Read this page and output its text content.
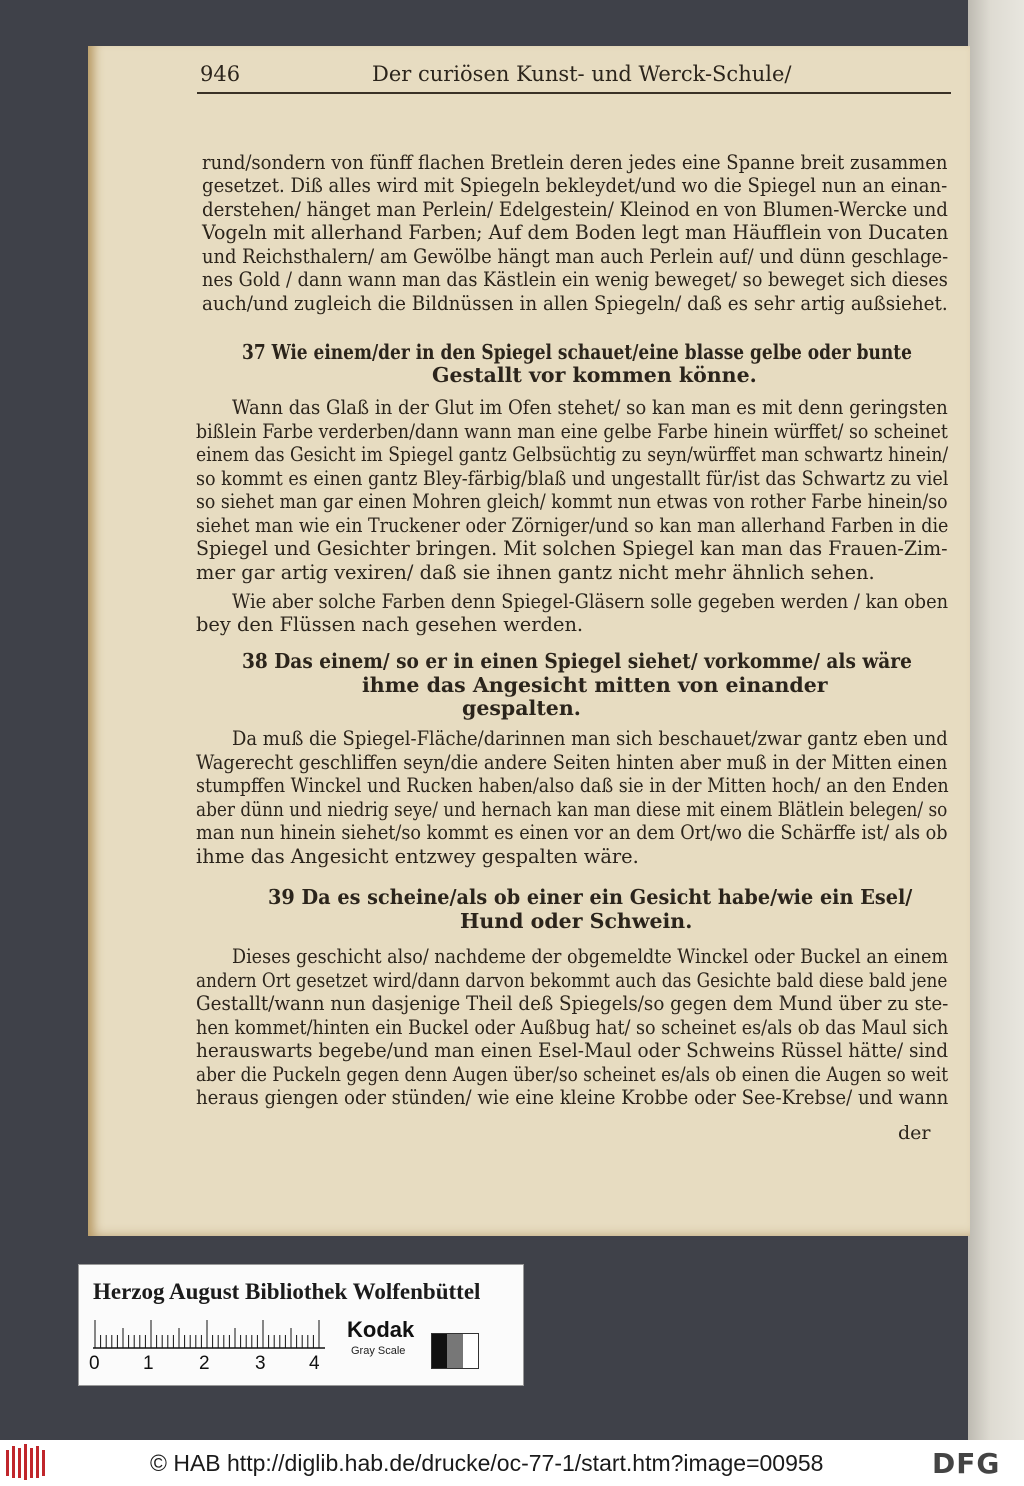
946	Der curiösen Kunst- und Werck-Schule/
rund/sondern von fünff flachen Bretlein deren jedes eine Spanne breit zusammen
gesetzet. Diß alles wird mit Spiegeln bekleydet/und wo die Spiegel nun an einan-
derstehen/ hänget man Perlein/ Edelgestein/ Kleinod en von Blumen-Wercke und
Vogeln mit allerhand Farben; Auf dem Boden legt man Häufflein von Ducaten
und Reichsthalern/ am Gewölbe hängt man auch Perlein auf/ und dünn geschlage-
nes Gold / dann wann man das Kästlein ein wenig beweget/ so beweget sich dieses
auch/und zugleich die Bildnüssen in allen Spiegeln/ daß es sehr artig außsiehet.
37 Wie einem/der in den Spiegel schauet/eine blasse gelbe oder bunte
Gestallt vor kommen könne.
Wann das Glaß in der Glut im Ofen stehet/ so kan man es mit denn geringsten
bißlein Farbe verderben/dann wann man eine gelbe Farbe hinein würffet/ so scheinet
einem das Gesicht im Spiegel gantz Gelbsüchtig zu seyn/würffet man schwartz hinein/
so kommt es einen gantz Bley-färbig/blaß und ungestallt für/ist das Schwartz zu viel
so siehet man gar einen Mohren gleich/ kommt nun etwas von rother Farbe hinein/so
siehet man wie ein Truckener oder Zörniger/und so kan man allerhand Farben in die
Spiegel und Gesichter bringen. Mit solchen Spiegel kan man das Frauen-Zim-
mer gar artig vexiren/ daß sie ihnen gantz nicht mehr ähnlich sehen.
Wie aber solche Farben denn Spiegel-Gläsern solle gegeben werden / kan oben
bey den Flüssen nach gesehen werden.
38 Das einem/ so er in einen Spiegel siehet/ vorkomme/ als wäre
ihme das Angesicht mitten von einander
gespalten.
Da muß die Spiegel-Fläche/darinnen man sich beschauet/zwar gantz eben und
Wagerecht geschliffen seyn/die andere Seiten hinten aber muß in der Mitten einen
stumpffen Winckel und Rucken haben/also daß sie in der Mitten hoch/ an den Enden
aber dünn und niedrig seye/ und hernach kan man diese mit einem Blätlein belegen/ so
man nun hinein siehet/so kommt es einen vor an dem Ort/wo die Schärffe ist/ als ob
ihme das Angesicht entzwey gespalten wäre.
39 Da es scheine/als ob einer ein Gesicht habe/wie ein Esel/
Hund oder Schwein.
Dieses geschicht also/ nachdeme der obgemeldte Winckel oder Buckel an einem
andern Ort gesetzet wird/dann darvon bekommt auch das Gesichte bald diese bald jene
Gestallt/wann nun dasjenige Theil deß Spiegels/so gegen dem Mund über zu ste-
hen kommet/hinten ein Buckel oder Außbug hat/ so scheinet es/als ob das Maul sich
herauswarts begebe/und man einen Esel-Maul oder Schweins Rüssel hätte/ sind
aber die Puckeln gegen denn Augen über/so scheinet es/als ob einen die Augen so weit
heraus giengen oder stünden/ wie eine kleine Krobbe oder See-Krebse/ und wann
der
Herzog August Bibliothek Wolfenbüttel
0 1 2 3 4
Kodak
Gray Scale
© HAB http://diglib.hab.de/drucke/oc-77-1/start.htm?image=00958	DFG
